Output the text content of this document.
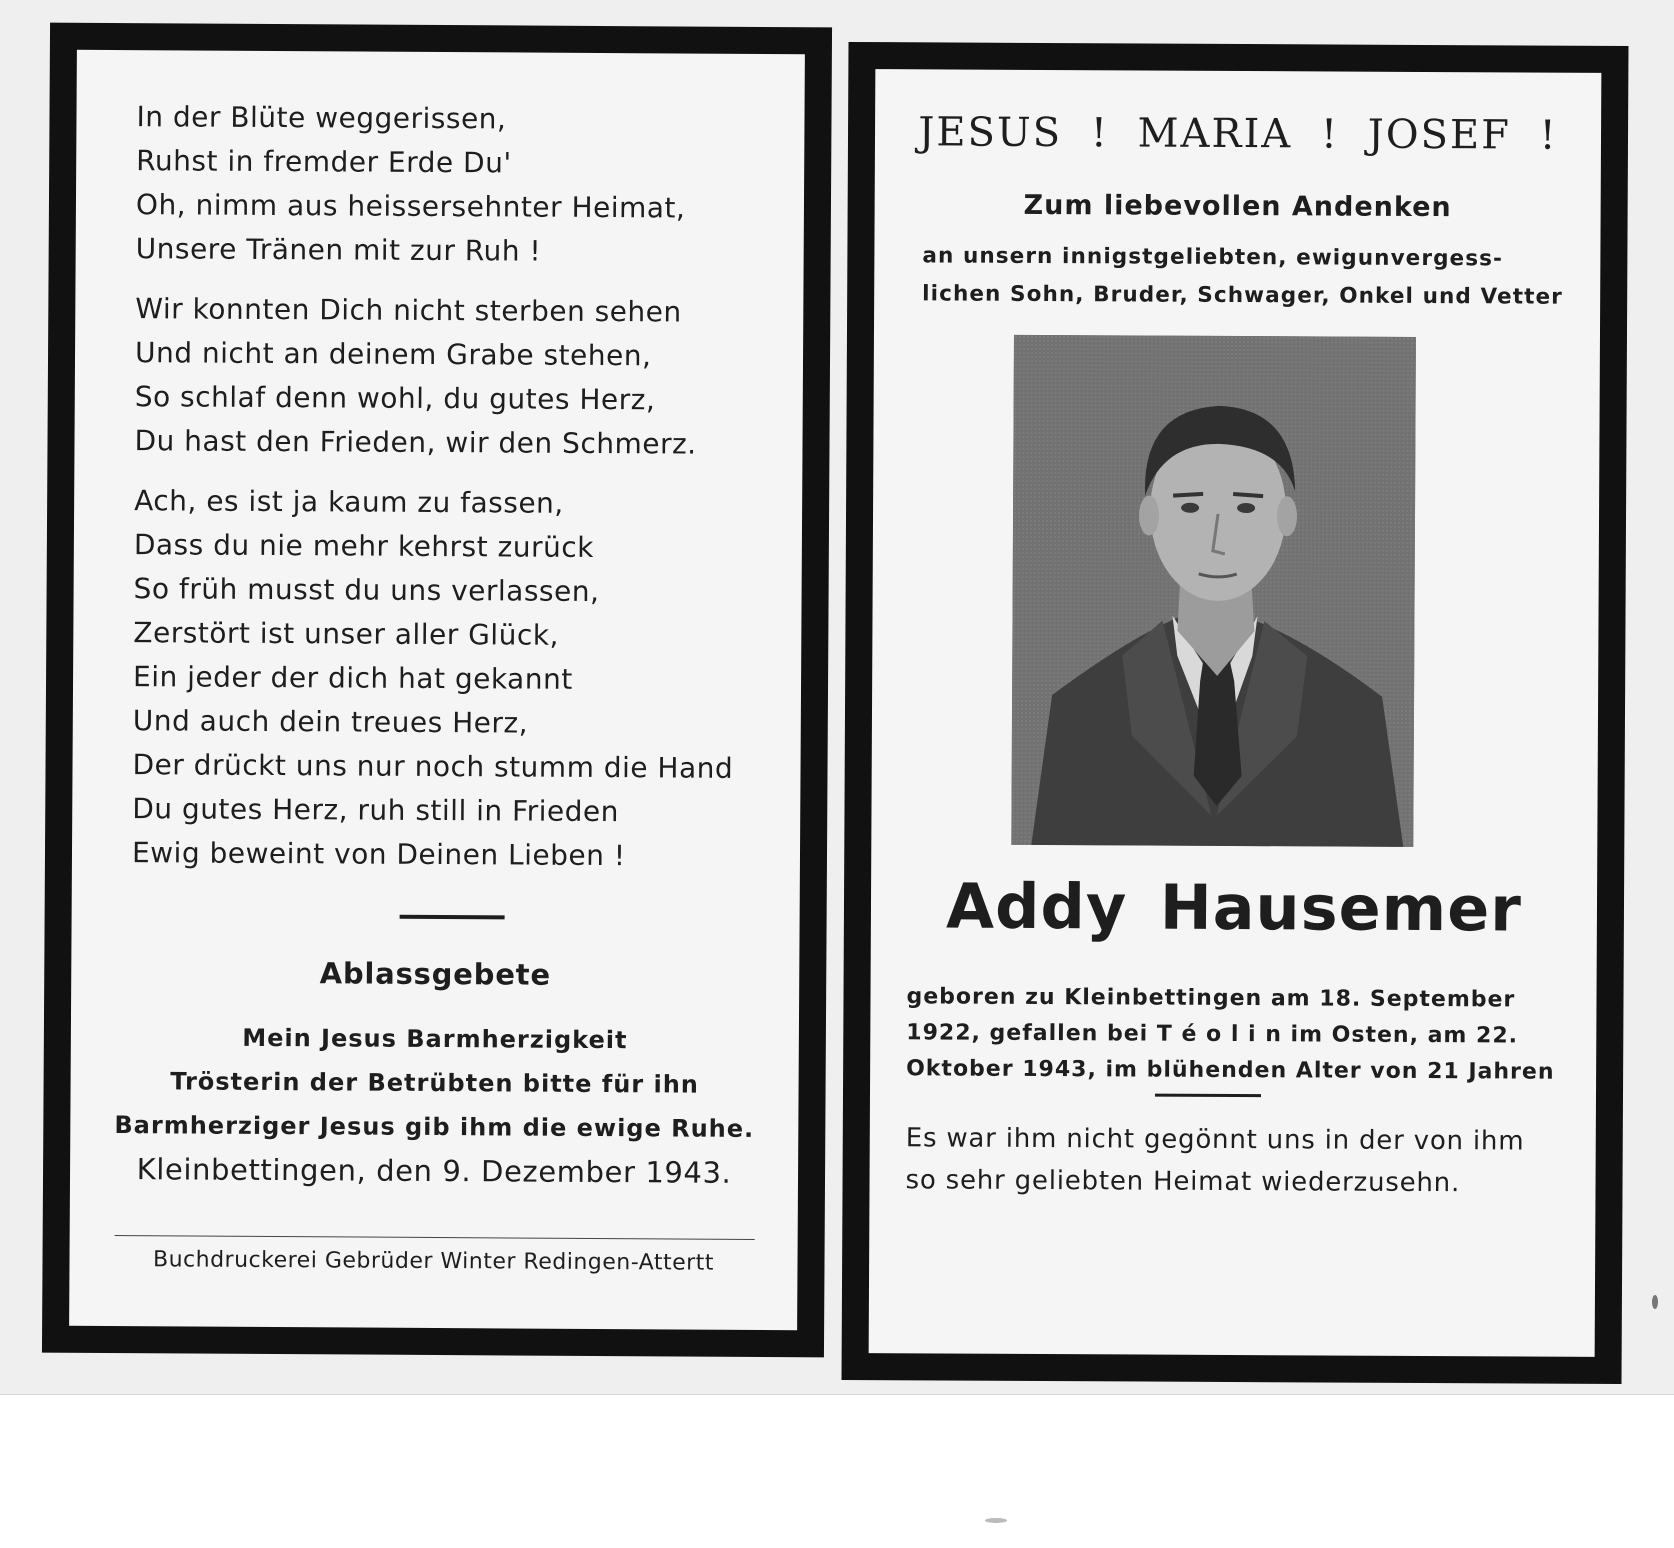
In der Blüte weggerissen,
Ruhst in fremder Erde Du'
Oh, nimm aus heissersehnter Heimat,
Unsere Tränen mit zur Ruh !
Wir konnten Dich nicht sterben sehen
Und nicht an deinem Grabe stehen,
So schlaf denn wohl, du gutes Herz,
Du hast den Frieden, wir den Schmerz.
Ach, es ist ja kaum zu fassen,
Dass du nie mehr kehrst zurück
So früh musst du uns verlassen,
Zerstört ist unser aller Glück,
Ein jeder der dich hat gekannt
Und auch dein treues Herz,
Der drückt uns nur noch stumm die Hand
Du gutes Herz, ruh still in Frieden
Ewig beweint von Deinen Lieben !
Ablassgebete
Mein Jesus Barmherzigkeit
Trösterin der Betrübten bitte für ihn
Barmherziger Jesus gib ihm die ewige Ruhe.
Kleinbettingen, den 9. Dezember 1943.
Buchdruckerei Gebrüder Winter Redingen-Attertt
JESUS ! MARIA ! JOSEF !
Zum liebevollen Andenken
an unsern innigstgeliebten, ewigunvergess-
lichen Sohn, Bruder, Schwager, Onkel und Vetter
Addy Hausemer
geboren zu Kleinbettingen am 18. September
1922, gefallen bei T é o l i n im Osten, am 22.
Oktober 1943, im blühenden Alter von 21 Jahren
Es war ihm nicht gegönnt uns in der von ihm
so sehr geliebten Heimat wiederzusehn.
